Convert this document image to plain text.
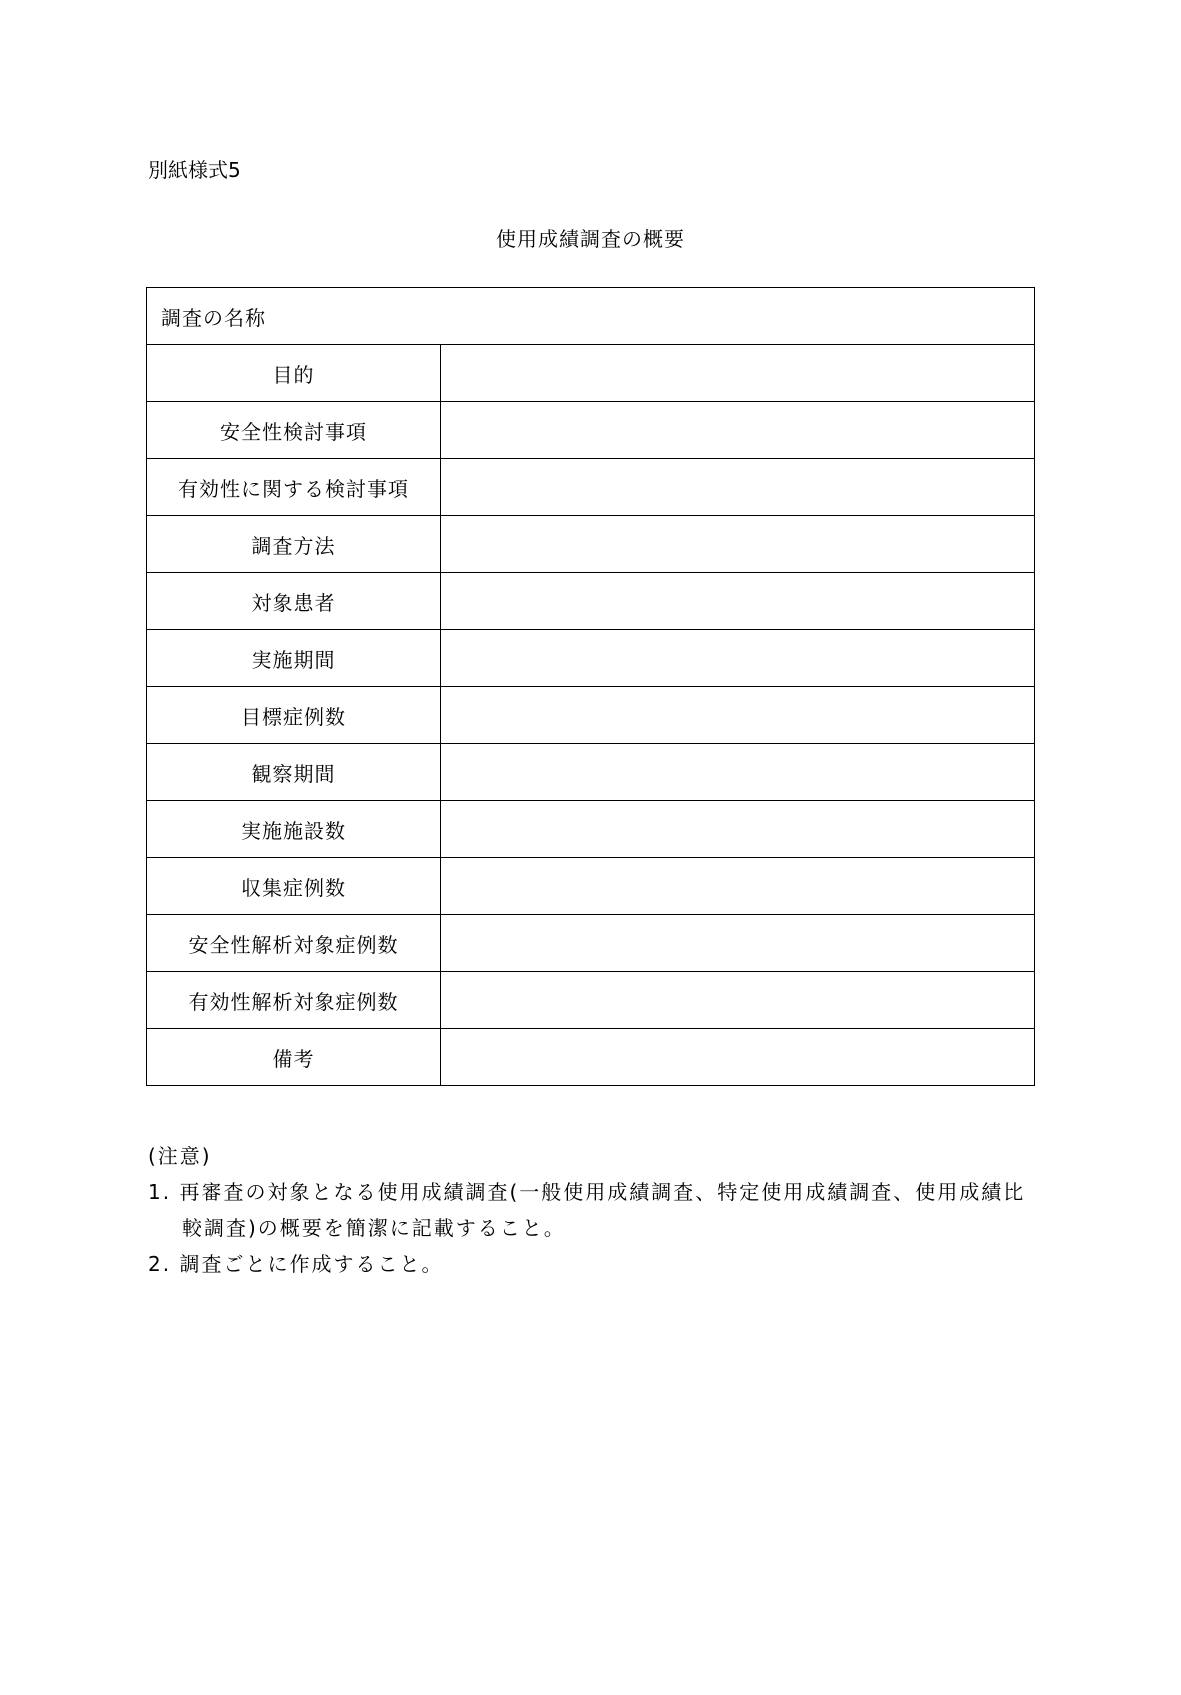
別紙様式5
使用成績調査の概要
調査の名称	
目的	
安全性検討事項	
有効性に関する検討事項	
調査方法	
対象患者	
実施期間	
目標症例数	
観察期間	
実施施設数	
収集症例数	
安全性解析対象症例数	
有効性解析対象症例数	
備考	
(注意)
1. 再審査の対象となる使用成績調査(一般使用成績調査、特定使用成績調査、使用成績比
較調査)の概要を簡潔に記載すること。
2. 調査ごとに作成すること。
